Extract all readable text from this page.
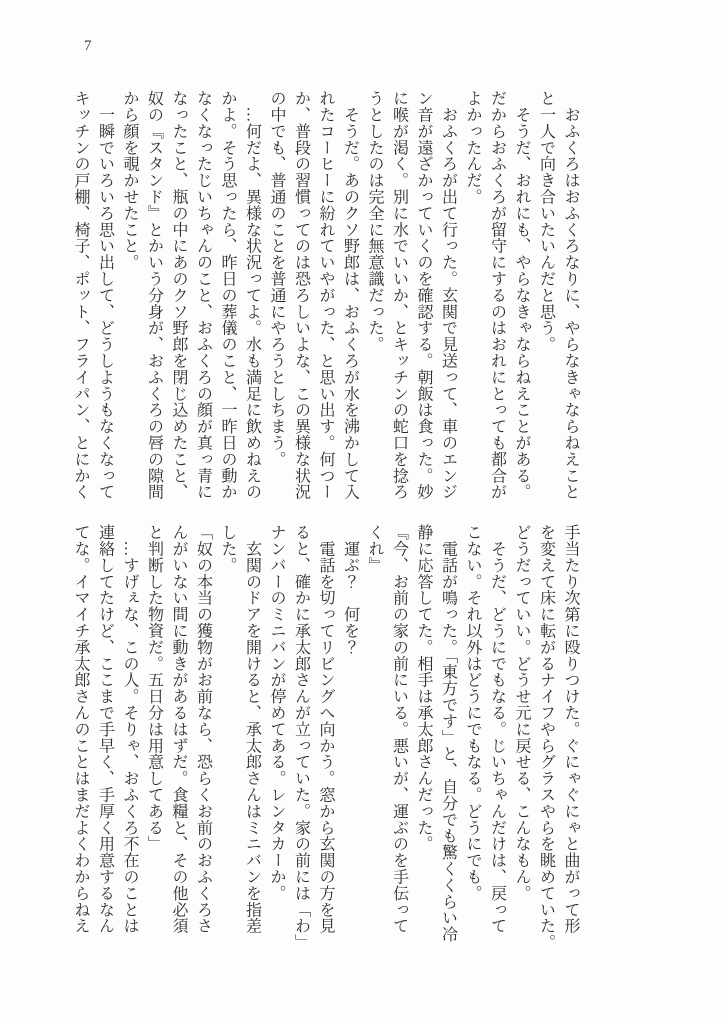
7

　おふくろはおふくろなりに、やらなきゃならねえこと

と一人で向き合いたいんだと思う。

　そうだ、おれにも、やらなきゃならねえことがある。

だからおふくろが留守にするのはおれにとっても都合が

よかったんだ。

　おふくろが出て行った。玄関で見送って、車のエンジ

ン音が遠ざかっていくのを確認する。朝飯は食った。妙

に喉が渇く。別に水でいいか、とキッチンの蛇口を捻ろ

うとしたのは完全に無意識だった。

　そうだ。あのクソ野郎は、おふくろが水を沸かして入

れたコーヒーに紛れていやがった、と思い出す。何つー

か、普段の習慣ってのは恐ろしいよな、この異様な状況

の中でも、普通のことを普通にやろうとしちまう。

　…何だよ、異様な状況ってよ。水も満足に飲めねえの

かよ。そう思ったら、昨日の葬儀のこと、一昨日の動か

なくなったじいちゃんのこと、おふくろの顔が真っ青に

なったこと、瓶の中にあのクソ野郎を閉じ込めたこと、

奴の『スタンド』とかいう分身が、おふくろの唇の隙間

から顔を覗かせたこと。

　一瞬でいろいろ思い出して、どうしようもなくなって

キッチンの戸棚、椅子、ポット、フライパン、とにかく

手当たり次第に殴りつけた。ぐにゃぐにゃと曲がって形

を変えて床に転がるナイフやらグラスやらを眺めていた。

どうだっていい。どうせ元に戻せる、こんなもん。

　そうだ、どうにでもなる。じいちゃんだけは、戻って

こない。それ以外はどうにでもなる。どうにでも。

　電話が鳴った。「東方です」と、自分でも驚くくらい冷

静に応答してた。相手は承太郎さんだった。

『今、お前の家の前にいる。悪いが、運ぶのを手伝って

くれ』

　運ぶ？　何を？

　電話を切ってリビングへ向かう。窓から玄関の方を見

ると、確かに承太郎さんが立っていた。家の前には「わ」

ナンバーのミニバンが停めてある。レンタカーか。

　玄関のドアを開けると、承太郎さんはミニバンを指差

した。

「奴の本当の獲物がお前なら、恐らくお前のおふくろさ

んがいない間に動きがあるはずだ。食糧と、その他必須

と判断した物資だ。五日分は用意してある」

　…すげぇな、この人。そりゃ、おふくろ不在のことは

連絡してたけど、ここまで手早く、手厚く用意するなん

てな。イマイチ承太郎さんのことはまだよくわからねえ
